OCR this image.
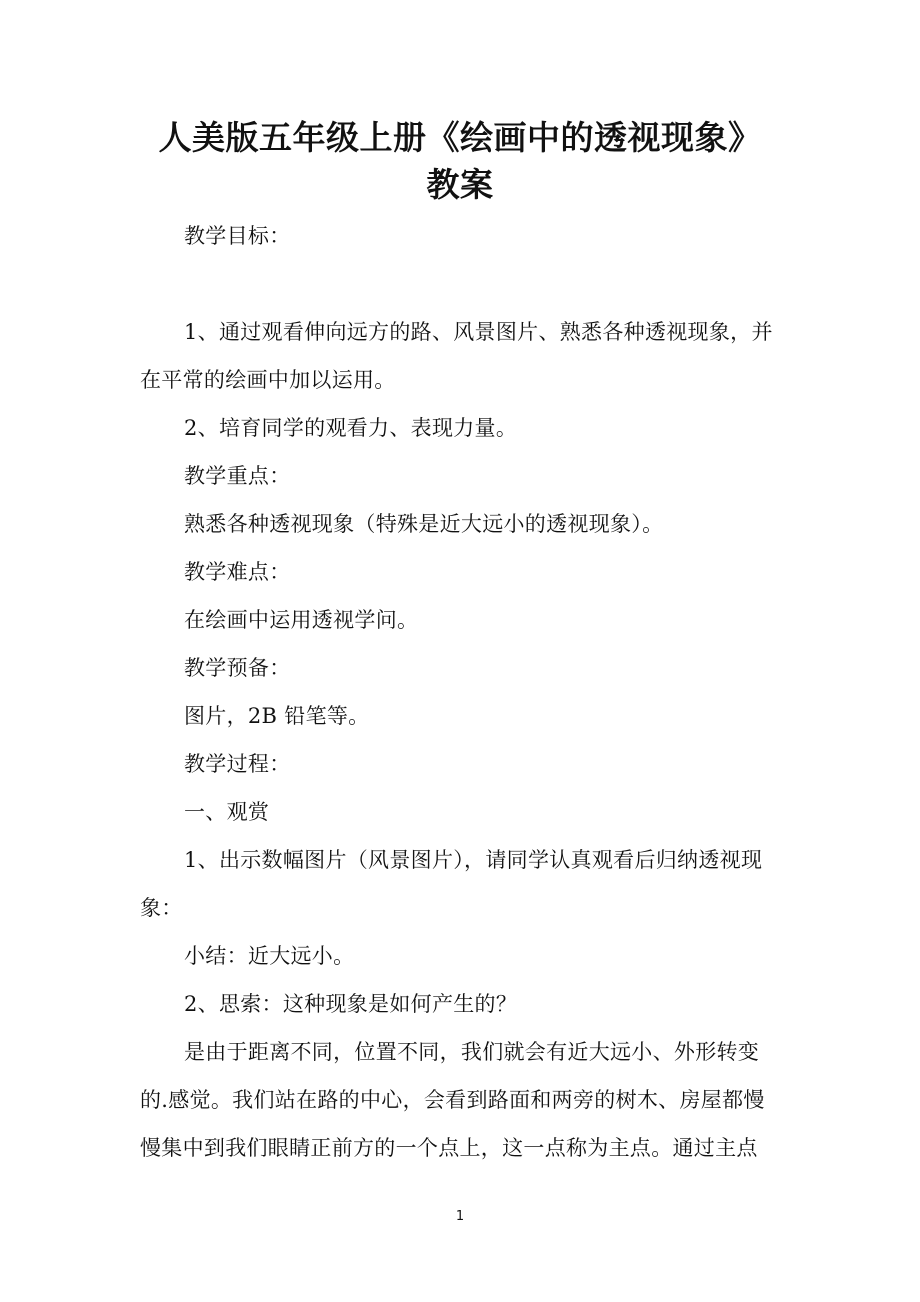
人美版五年级上册《绘画中的透视现象》
教案
教学目标：
1、通过观看伸向远方的路、风景图片、熟悉各种透视现象，并
在平常的绘画中加以运用。
2、培育同学的观看力、表现力量。
教学重点：
熟悉各种透视现象（特殊是近大远小的透视现象）。
教学难点：
在绘画中运用透视学问。
教学预备：
图片，2B 铅笔等。
教学过程：
一、观赏
1、出示数幅图片（风景图片），请同学认真观看后归纳透视现
象：
小结：近大远小。
2、思索：这种现象是如何产生的？
是由于距离不同，位置不同，我们就会有近大远小、外形转变
的.感觉。我们站在路的中心，会看到路面和两旁的树木、房屋都慢
慢集中到我们眼睛正前方的一个点上，这一点称为主点。通过主点
1
